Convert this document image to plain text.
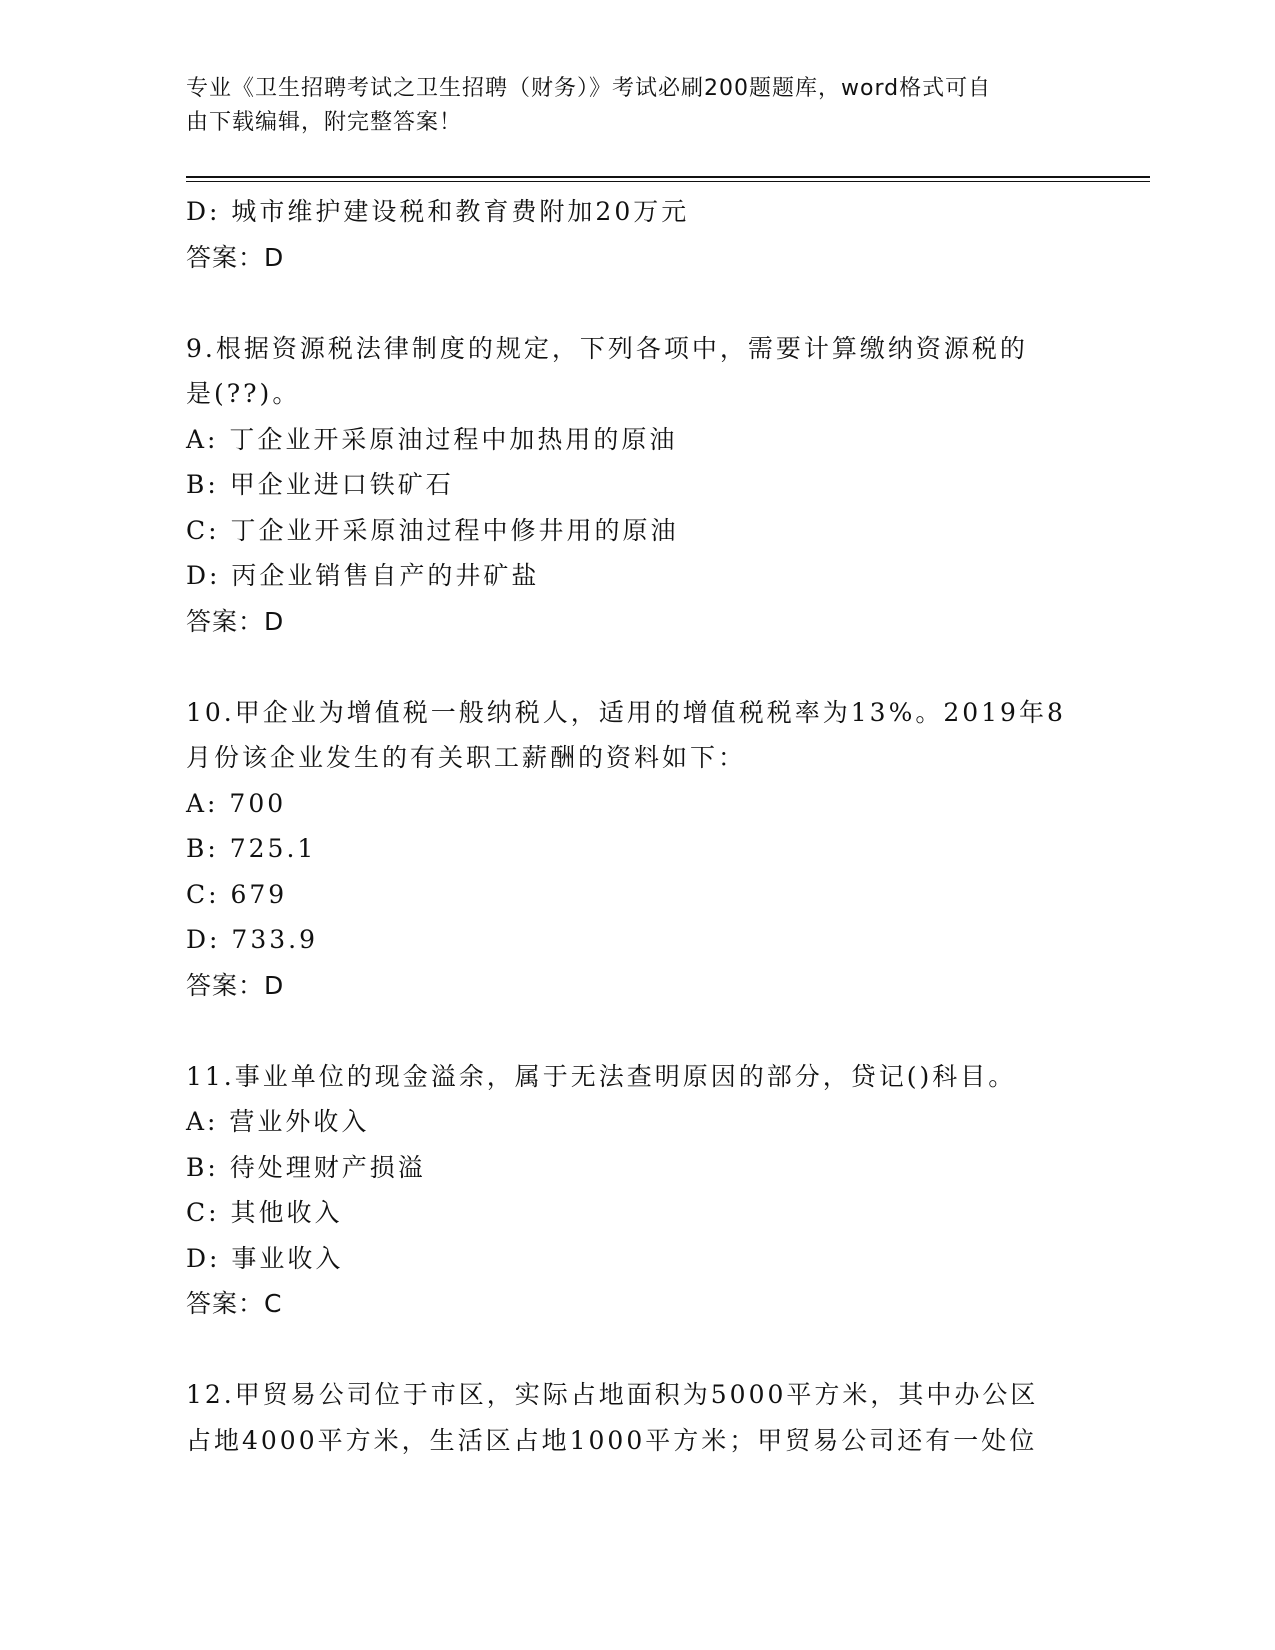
专业《卫生招聘考试之卫生招聘（财务）》考试必刷200题题库，word格式可自
由下载编辑，附完整答案！
D: 城市维护建设税和教育费附加20万元
答案：D
9.根据资源税法律制度的规定，下列各项中，需要计算缴纳资源税的
是(??)。
A: 丁企业开采原油过程中加热用的原油
B: 甲企业进口铁矿石
C: 丁企业开采原油过程中修井用的原油
D: 丙企业销售自产的井矿盐
答案：D
10.甲企业为增值税一般纳税人，适用的增值税税率为13%。2019年8
月份该企业发生的有关职工薪酬的资料如下：
A: 700
B: 725.1
C: 679
D: 733.9
答案：D
11.事业单位的现金溢余，属于无法查明原因的部分，贷记()科目。
A: 营业外收入
B: 待处理财产损溢
C: 其他收入
D: 事业收入
答案：C
12.甲贸易公司位于市区，实际占地面积为5000平方米，其中办公区
占地4000平方米，生活区占地1000平方米；甲贸易公司还有一处位
